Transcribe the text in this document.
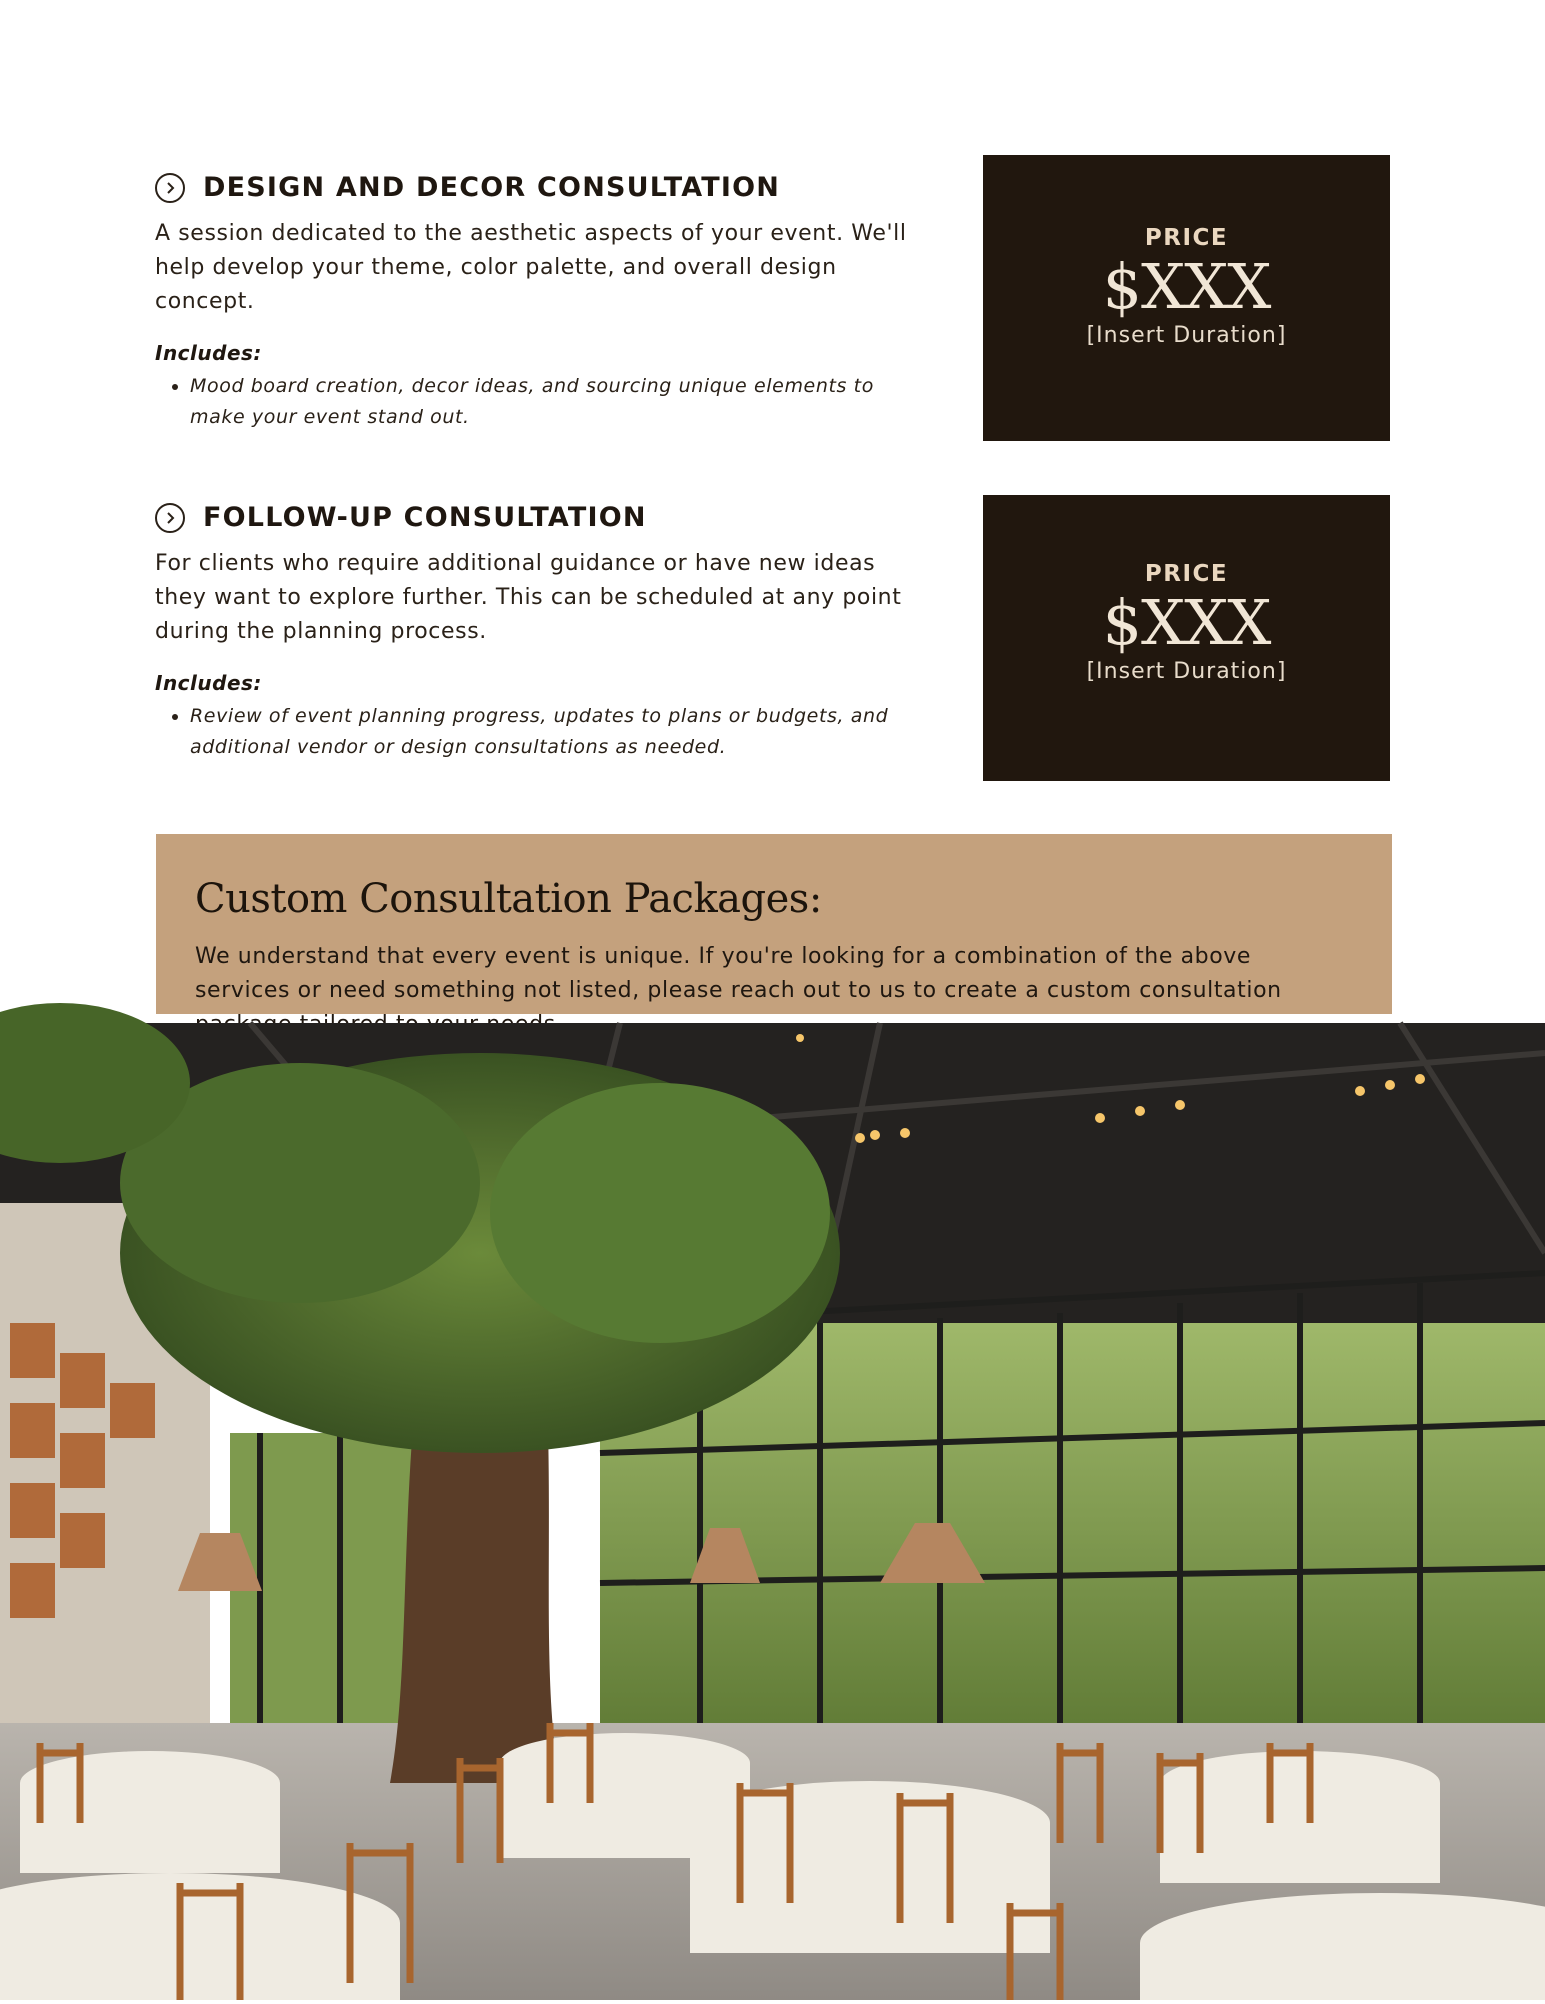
DESIGN AND DECOR CONSULTATION

A session dedicated to the aesthetic aspects of your event. We'll help develop your theme, color palette, and overall design concept.

Includes:
• Mood board creation, decor ideas, and sourcing unique elements to make your event stand out.
PRICE
$XXX
[Insert Duration]
FOLLOW-UP CONSULTATION

For clients who require additional guidance or have new ideas they want to explore further. This can be scheduled at any point during the planning process.

Includes:
• Review of event planning progress, updates to plans or budgets, and additional vendor or design consultations as needed.
PRICE
$XXX
[Insert Duration]
Custom Consultation Packages:

We understand that every event is unique. If you're looking for a combination of the above services or need something not listed, please reach out to us to create a custom consultation
